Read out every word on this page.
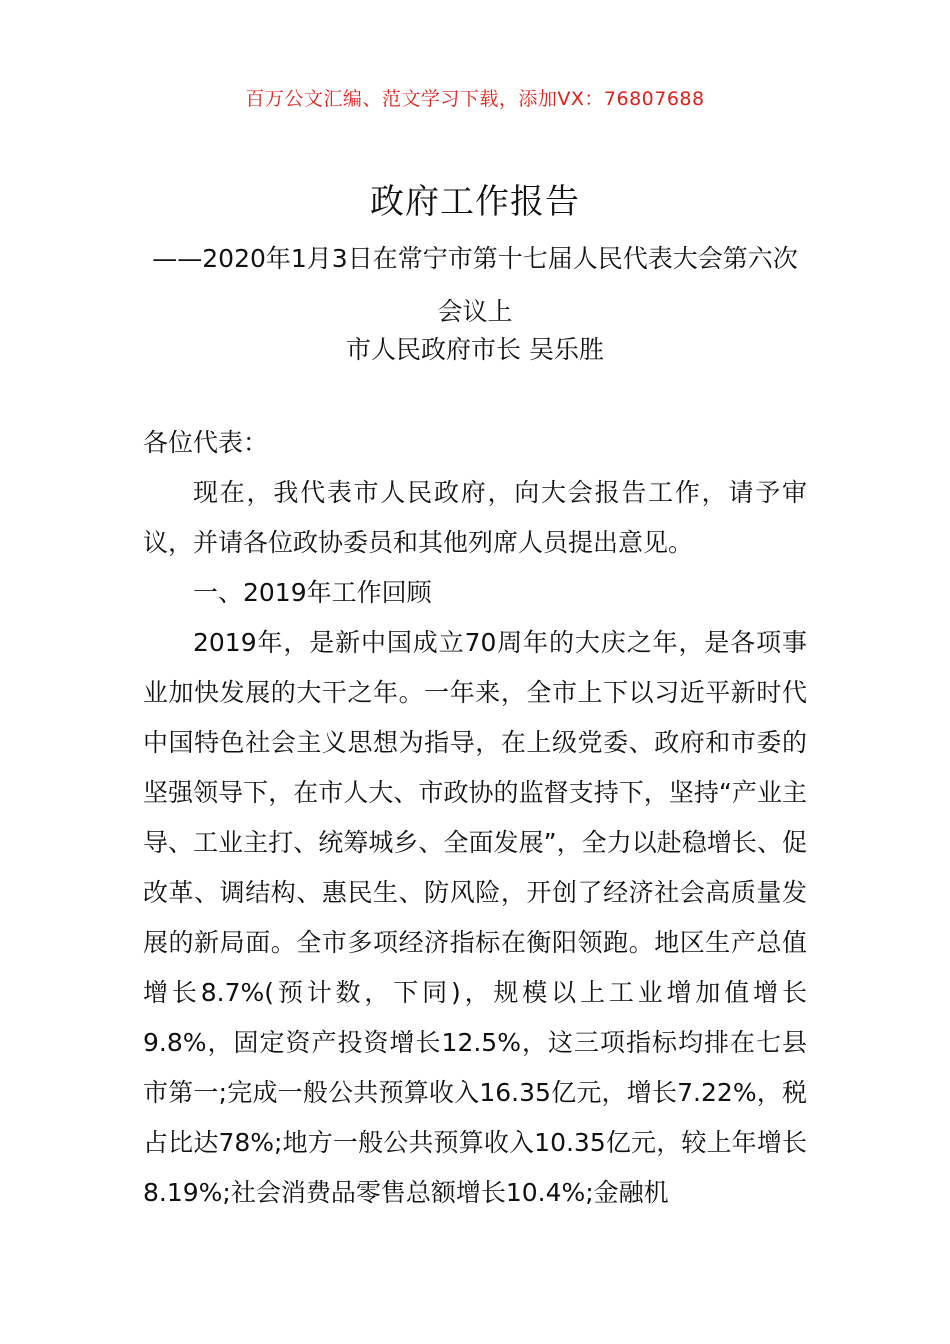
百万公文汇编、范文学习下载，添加VX：76807688
政府工作报告
——2020年1月3日在常宁市第十七届人民代表大会第六次会议上
市人民政府市长 吴乐胜

各位代表：

现在，我代表市人民政府，向大会报告工作，请予审议，并请各位政协委员和其他列席人员提出意见。

一、2019年工作回顾

2019年，是新中国成立70周年的大庆之年，是各项事业加快发展的大干之年。一年来，全市上下以习近平新时代中国特色社会主义思想为指导，在上级党委、政府和市委的坚强领导下，在市人大、市政协的监督支持下，坚持“产业主导、工业主打、统筹城乡、全面发展”，全力以赴稳增长、促改革、调结构、惠民生、防风险，开创了经济社会高质量发展的新局面。全市多项经济指标在衡阳领跑。地区生产总值增长8.7%(预计数，下同)，规模以上工业增加值增长9.8%，固定资产投资增长12.5%，这三项指标均排在七县市第一;完成一般公共预算收入16.35亿元，增长7.22%，税占比达78%;地方一般公共预算收入10.35亿元，较上年增长8.19%;社会消费品零售总额增长10.4%;金融机
